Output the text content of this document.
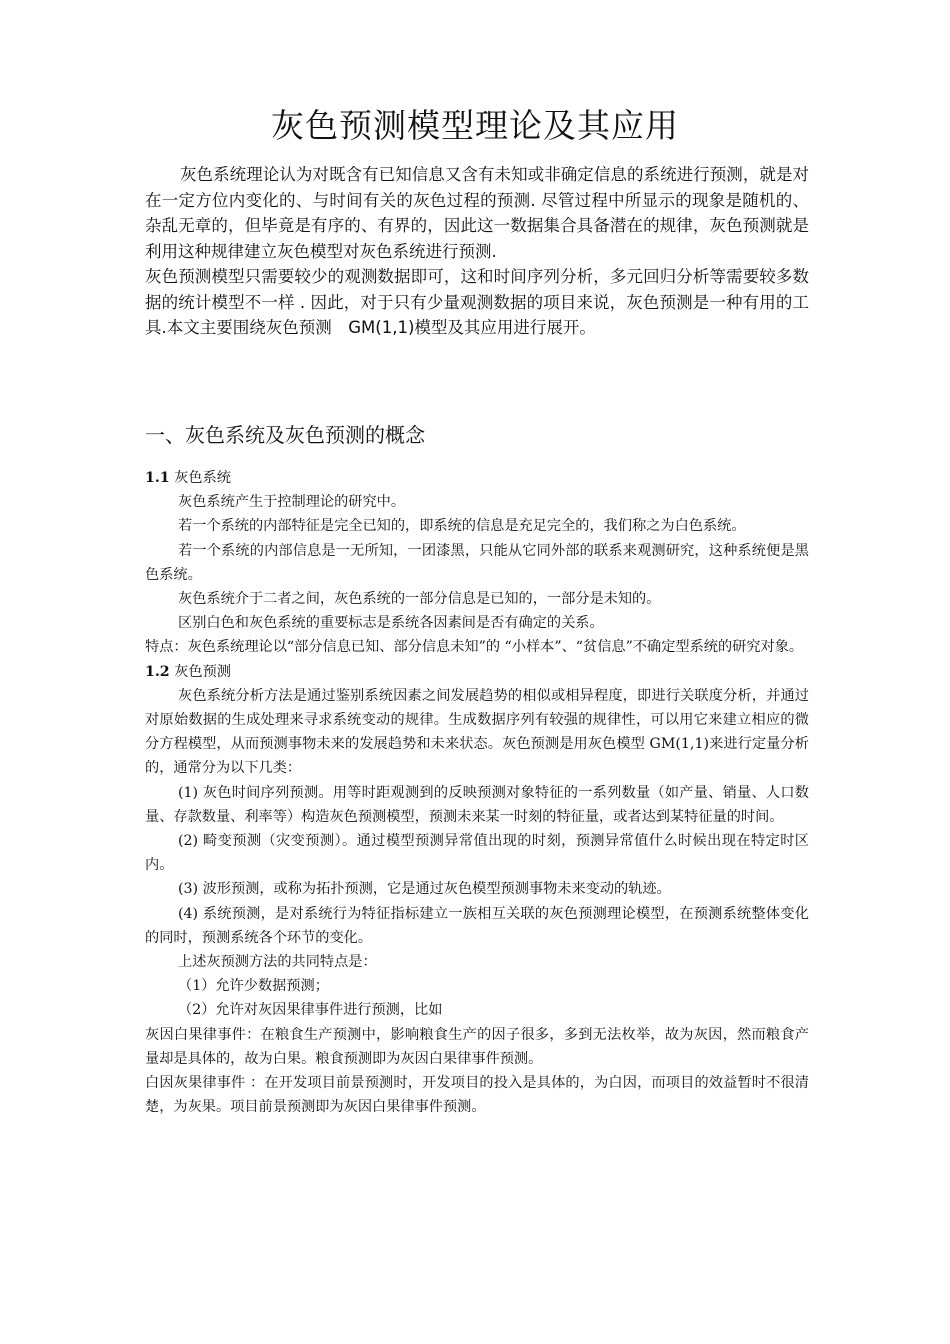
灰色预测模型理论及其应用

灰色系统理论认为对既含有已知信息又含有未知或非确定信息的系统进行预测，就是对在一定方位内变化的、与时间有关的灰色过程的预测. 尽管过程中所显示的现象是随机的、杂乱无章的，但毕竟是有序的、有界的，因此这一数据集合具备潜在的规律，灰色预测就是利用这种规律建立灰色模型对灰色系统进行预测.

灰色预测模型只需要较少的观测数据即可，这和时间序列分析，多元回归分析等需要较多数据的统计模型不一样 . 因此，对于只有少量观测数据的项目来说，灰色预测是一种有用的工具.本文主要围绕灰色预测　GM(1,1)模型及其应用进行展开。

一、灰色系统及灰色预测的概念

1.1 灰色系统

灰色系统产生于控制理论的研究中。

若一个系统的内部特征是完全已知的，即系统的信息是充足完全的，我们称之为白色系统。

若一个系统的内部信息是一无所知，一团漆黑，只能从它同外部的联系来观测研究，这种系统便是黑色系统。

灰色系统介于二者之间，灰色系统的一部分信息是已知的，一部分是未知的。

区别白色和灰色系统的重要标志是系统各因素间是否有确定的关系。

特点：灰色系统理论以“部分信息已知、部分信息未知”的 “小样本”、“贫信息”不确定型系统的研究对象。

1.2 灰色预测

灰色系统分析方法是通过鉴别系统因素之间发展趋势的相似或相异程度，即进行关联度分析，并通过对原始数据的生成处理来寻求系统变动的规律。生成数据序列有较强的规律性，可以用它来建立相应的微分方程模型，从而预测事物未来的发展趋势和未来状态。灰色预测是用灰色模型 GM(1,1)来进行定量分析的，通常分为以下几类：

(1) 灰色时间序列预测。用等时距观测到的反映预测对象特征的一系列数量（如产量、销量、人口数量、存款数量、利率等）构造灰色预测模型，预测未来某一时刻的特征量，或者达到某特征量的时间。

(2) 畸变预测（灾变预测）。通过模型预测异常值出现的时刻，预测异常值什么时候出现在特定时区内。

(3) 波形预测，或称为拓扑预测，它是通过灰色模型预测事物未来变动的轨迹。

(4) 系统预测，是对系统行为特征指标建立一族相互关联的灰色预测理论模型，在预测系统整体变化的同时，预测系统各个环节的变化。

上述灰预测方法的共同特点是：

（1）允许少数据预测；

（2）允许对灰因果律事件进行预测，比如

灰因白果律事件：在粮食生产预测中，影响粮食生产的因子很多，多到无法枚举，故为灰因，然而粮食产量却是具体的，故为白果。粮食预测即为灰因白果律事件预测。

白因灰果律事件 ：在开发项目前景预测时，开发项目的投入是具体的，为白因，而项目的效益暂时不很清楚，为灰果。项目前景预测即为灰因白果律事件预测。
